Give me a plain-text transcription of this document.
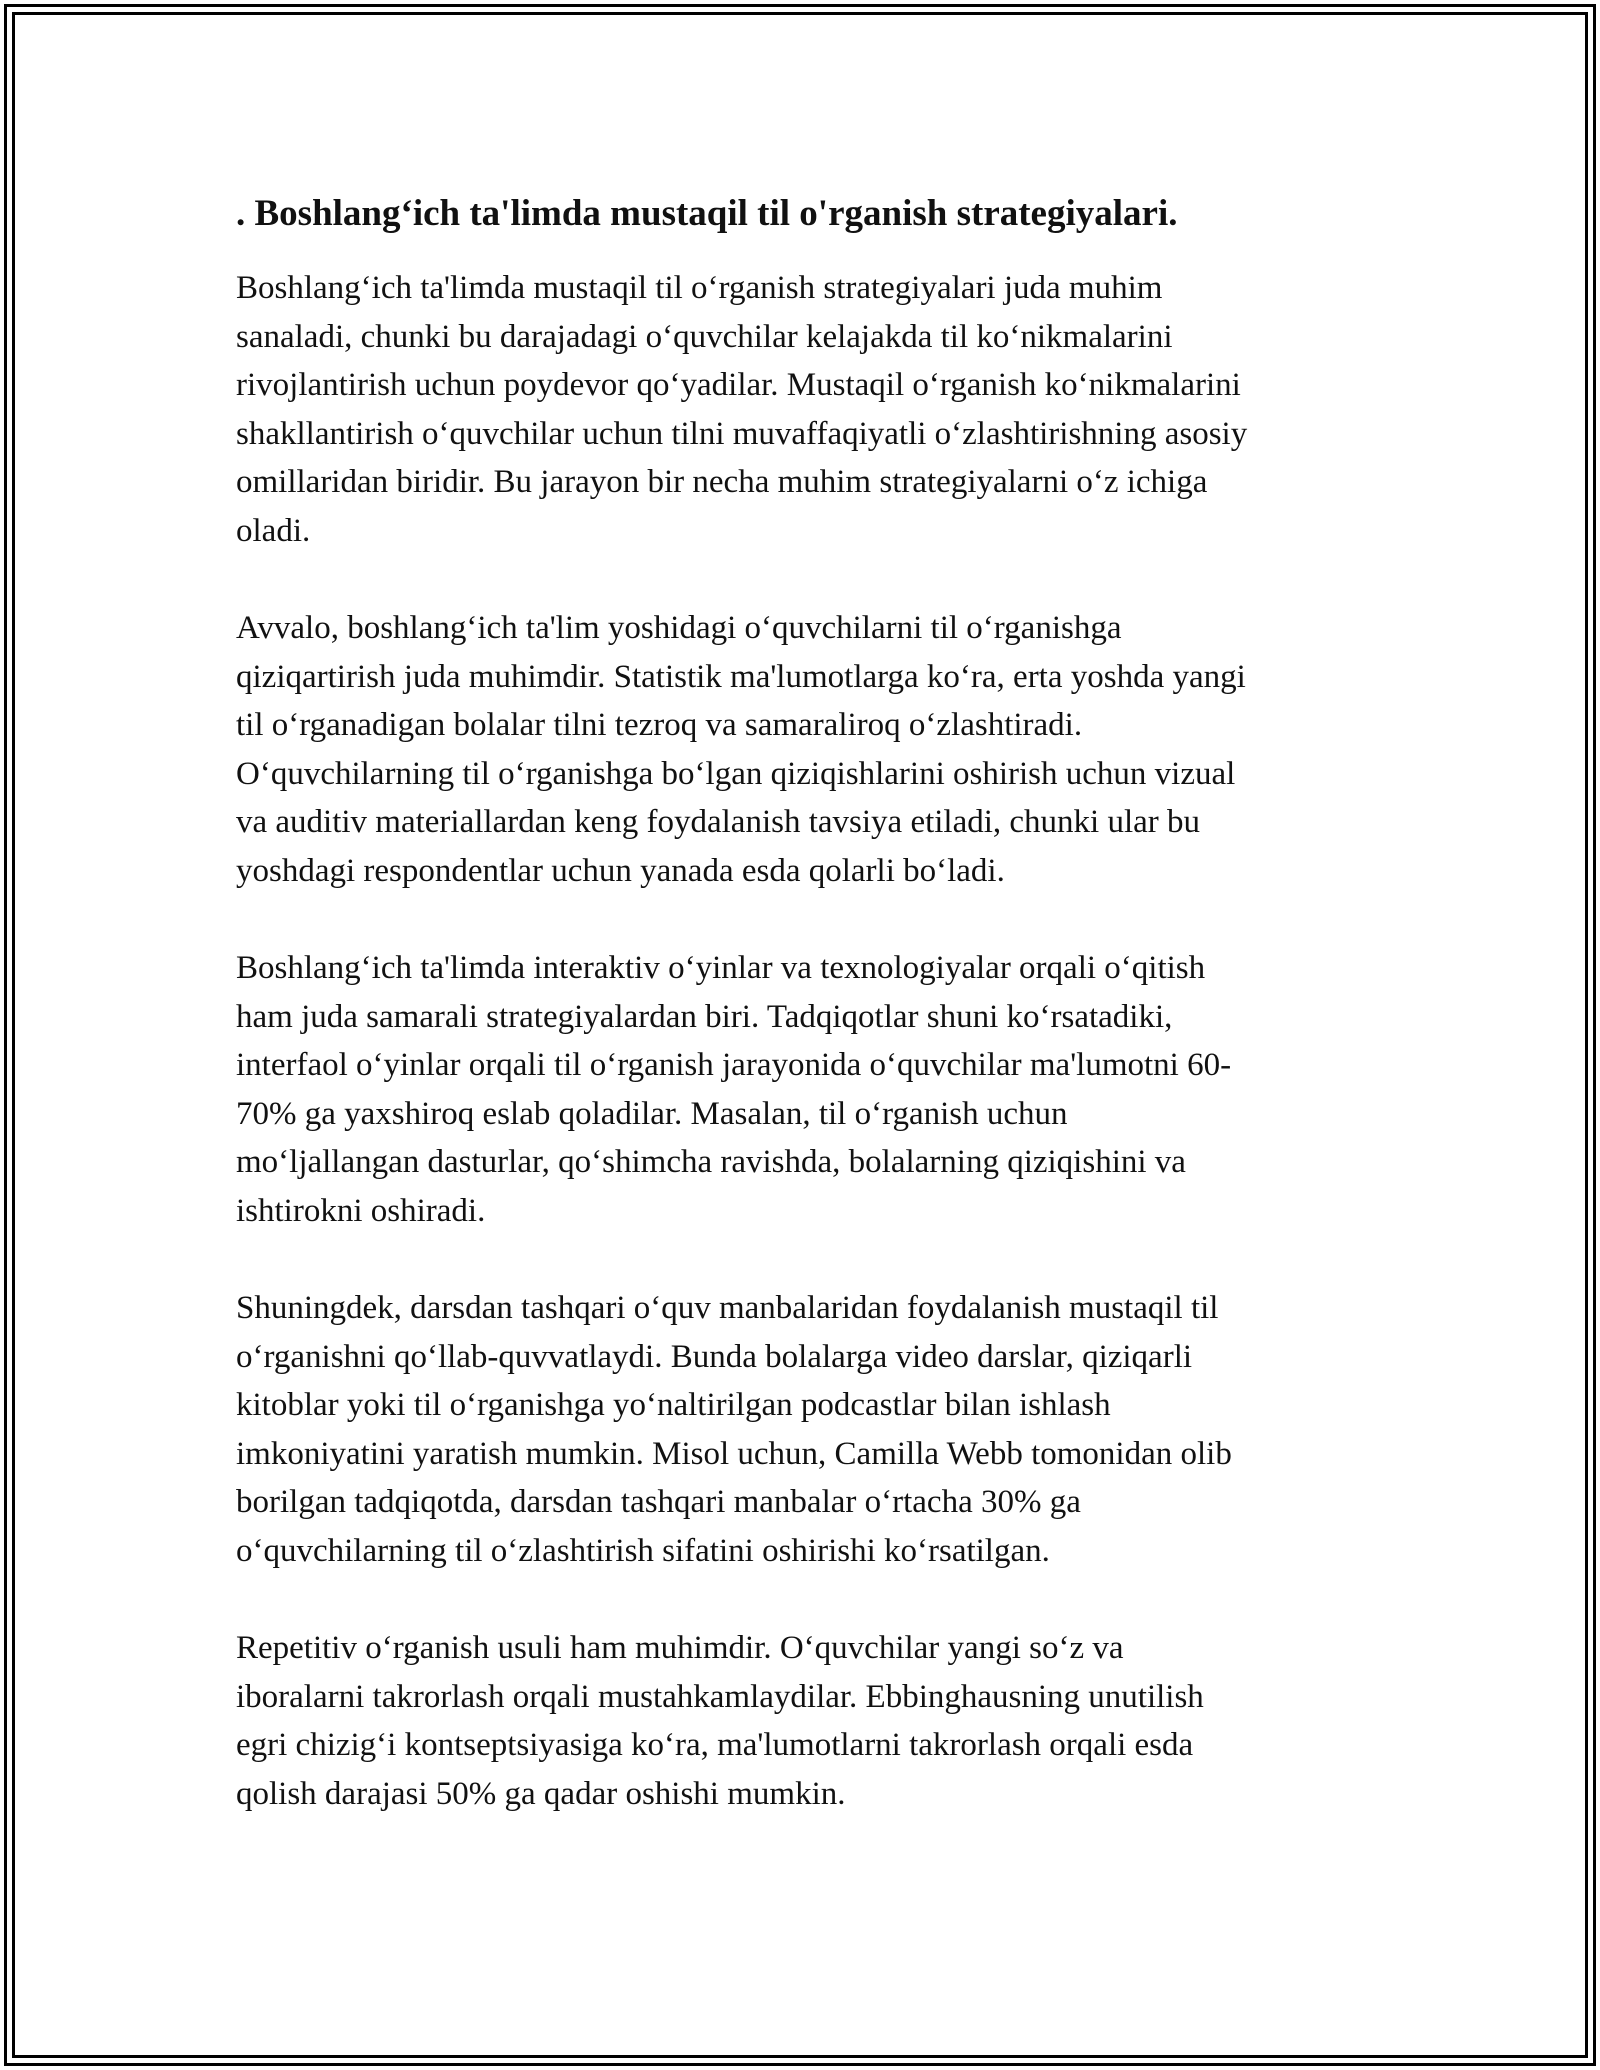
. Boshlang‘ich ta'limda mustaqil til o'rganish strategiyalari.

Boshlang‘ich ta'limda mustaqil til o‘rganish strategiyalari juda muhim
sanaladi, chunki bu darajadagi o‘quvchilar kelajakda til ko‘nikmalarini
rivojlantirish uchun poydevor qo‘yadilar. Mustaqil o‘rganish ko‘nikmalarini
shakllantirish o‘quvchilar uchun tilni muvaffaqiyatli o‘zlashtirishning asosiy
omillaridan biridir. Bu jarayon bir necha muhim strategiyalarni o‘z ichiga
oladi.

Avvalo, boshlang‘ich ta'lim yoshidagi o‘quvchilarni til o‘rganishga
qiziqartirish juda muhimdir. Statistik ma'lumotlarga ko‘ra, erta yoshda yangi
til o‘rganadigan bolalar tilni tezroq va samaraliroq o‘zlashtiradi.
O‘quvchilarning til o‘rganishga bo‘lgan qiziqishlarini oshirish uchun vizual
va auditiv materiallardan keng foydalanish tavsiya etiladi, chunki ular bu
yoshdagi respondentlar uchun yanada esda qolarli bo‘ladi.

Boshlang‘ich ta'limda interaktiv o‘yinlar va texnologiyalar orqali o‘qitish
ham juda samarali strategiyalardan biri. Tadqiqotlar shuni ko‘rsatadiki,
interfaol o‘yinlar orqali til o‘rganish jarayonida o‘quvchilar ma'lumotni 60-
70% ga yaxshiroq eslab qoladilar. Masalan, til o‘rganish uchun
mo‘ljallangan dasturlar, qo‘shimcha ravishda, bolalarning qiziqishini va
ishtirokni oshiradi.

Shuningdek, darsdan tashqari o‘quv manbalaridan foydalanish mustaqil til
o‘rganishni qo‘llab-quvvatlaydi. Bunda bolalarga video darslar, qiziqarli
kitoblar yoki til o‘rganishga yo‘naltirilgan podcastlar bilan ishlash
imkoniyatini yaratish mumkin. Misol uchun, Camilla Webb tomonidan olib
borilgan tadqiqotda, darsdan tashqari manbalar o‘rtacha 30% ga
o‘quvchilarning til o‘zlashtirish sifatini oshirishi ko‘rsatilgan.

Repetitiv o‘rganish usuli ham muhimdir. O‘quvchilar yangi so‘z va
iboralarni takrorlash orqali mustahkamlaydilar. Ebbinghausning unutilish
egri chizig‘i kontseptsiyasiga ko‘ra, ma'lumotlarni takrorlash orqali esda
qolish darajasi 50% ga qadar oshishi mumkin.
